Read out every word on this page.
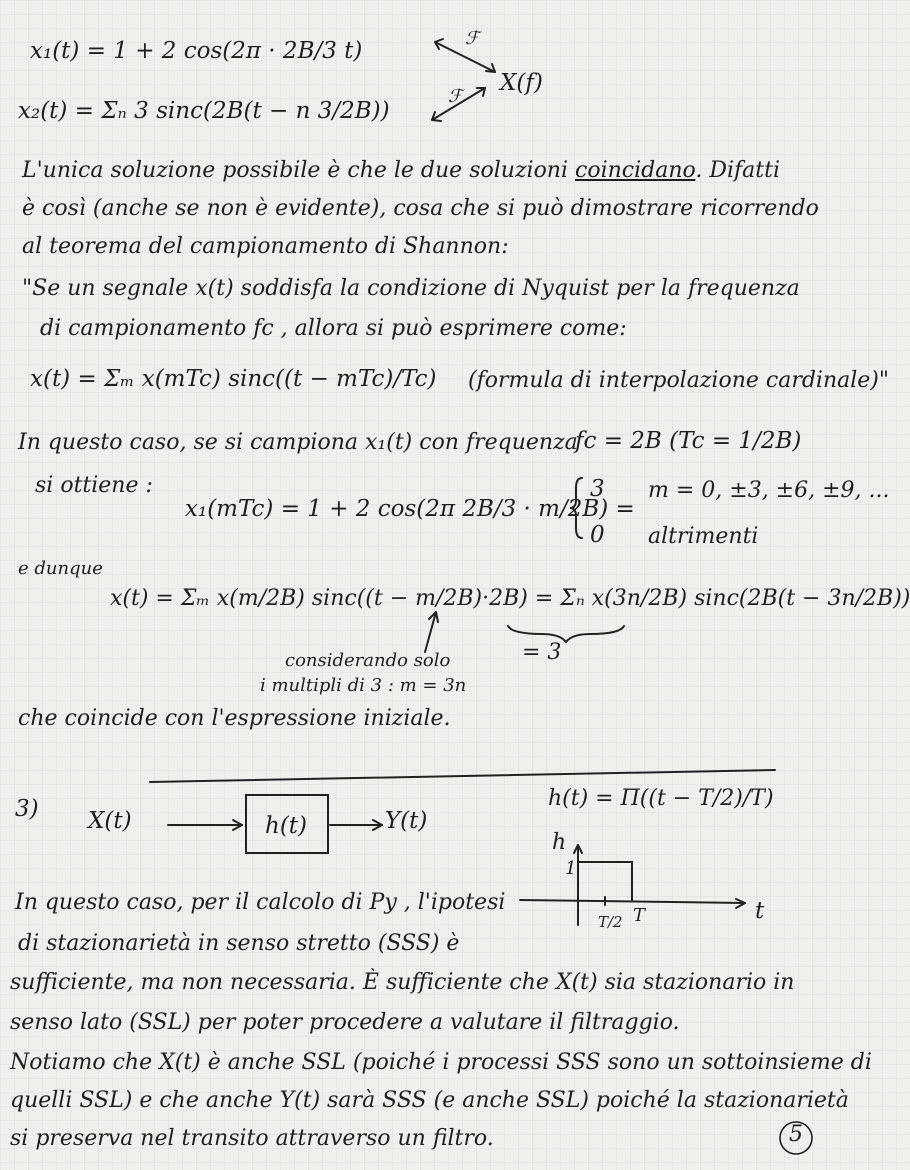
x₁(t) = 1 + 2 cos(2π · 2B/3 t)
x₂(t) = Σₙ 3 sinc(2B(t − n 3/2B))
ℱ
ℱ
X(f)
L'unica soluzione possibile è che le due soluzioni coincidano. Difatti
è così (anche se non è evidente), cosa che si può dimostrare ricorrendo
al teorema del campionamento di Shannon:
"Se un segnale x(t) soddisfa la condizione di Nyquist per la frequenza
di campionamento fc , allora si può esprimere come:
x(t) = Σₘ x(mTc) sinc((t − mTc)/Tc) (formula di interpolazione cardinale)"
In questo caso, se si campiona x₁(t) con frequenza
fc = 2B (Tc = 1/2B)
si ottiene :
x₁(mTc) = 1 + 2 cos(2π 2B/3 · m/2B) =
3 m = 0, ±3, ±6, ±9, ...
0 altrimenti
e dunque
x(t) = Σₘ x(m/2B) sinc((t − m/2B)·2B) = Σₙ x(3n/2B) sinc(2B(t − 3n/2B))
= 3
considerando solo
i multipli di 3 : m = 3n
che coincide con l'espressione iniziale.
3) X(t)	h(t)	Y(t)
h(t) = Π((t − T/2)/T)
h
1
t
T/2 T
In questo caso, per il calcolo di Py , l'ipotesi
di stazionarietà in senso stretto (SSS) è
sufficiente, ma non necessaria. È sufficiente che X(t) sia stazionario in
senso lato (SSL) per poter procedere a valutare il filtraggio.
Notiamo che X(t) è anche SSL (poiché i processi SSS sono un sottoinsieme di
quelli SSL) e che anche Y(t) sarà SSS (e anche SSL) poiché la stazionarietà
si preserva nel transito attraverso un filtro.	5
